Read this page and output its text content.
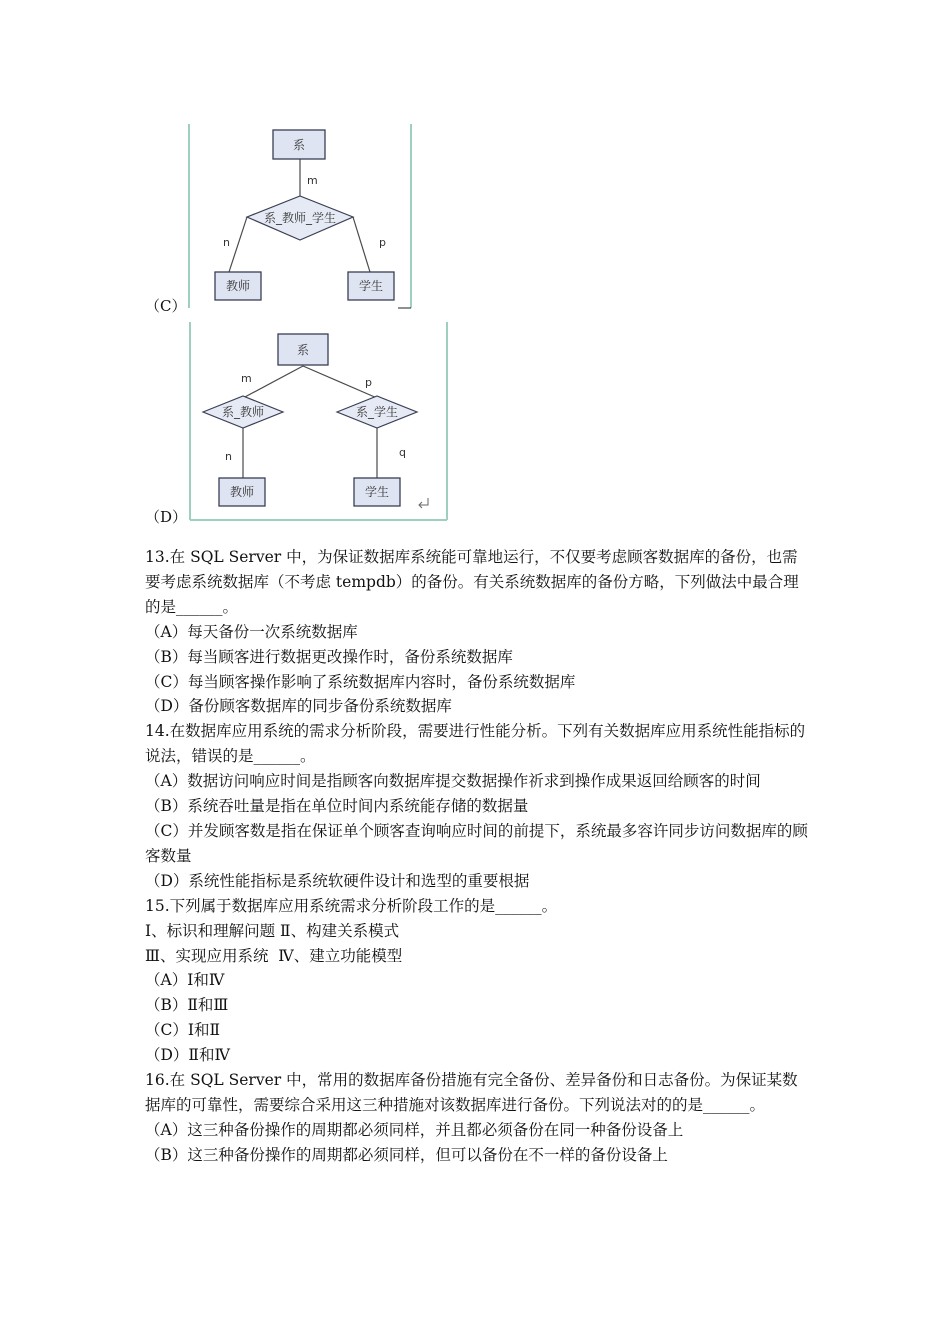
系
系_教师_学生
m
n	p
教师	学生
（C）
系
系_教师	系_学生
m	p
n	q
教师	学生
（D）

13.在 SQL Server 中，为保证数据库系统能可靠地运行，不仅要考虑顾客数据库的备份，也需要考虑系统数据库（不考虑 tempdb）的备份。有关系统数据库的备份方略，下列做法中最合理的是______。

（A）每天备份一次系统数据库

（B）每当顾客进行数据更改操作时，备份系统数据库

（C）每当顾客操作影响了系统数据库内容时，备份系统数据库

（D）备份顾客数据库的同步备份系统数据库

14.在数据库应用系统的需求分析阶段，需要进行性能分析。下列有关数据库应用系统性能指标的说法，错误的是______。

（A）数据访问响应时间是指顾客向数据库提交数据操作祈求到操作成果返回给顾客的时间

（B）系统吞吐量是指在单位时间内系统能存储的数据量

（C）并发顾客数是指在保证单个顾客查询响应时间的前提下，系统最多容许同步访问数据库的顾客数量

（D）系统性能指标是系统软硬件设计和选型的重要根据

15.下列属于数据库应用系统需求分析阶段工作的是______。

Ⅰ、标识和理解问题 Ⅱ、构建关系模式

Ⅲ、实现应用系统  Ⅳ、建立功能模型

（A）Ⅰ和Ⅳ

（B）Ⅱ和Ⅲ

（C）Ⅰ和Ⅱ

（D）Ⅱ和Ⅳ

16.在 SQL Server 中，常用的数据库备份措施有完全备份、差异备份和日志备份。为保证某数据库的可靠性，需要综合采用这三种措施对该数据库进行备份。下列说法对的的是______。

（A）这三种备份操作的周期都必须同样，并且都必须备份在同一种备份设备上

（B）这三种备份操作的周期都必须同样，但可以备份在不一样的备份设备上
